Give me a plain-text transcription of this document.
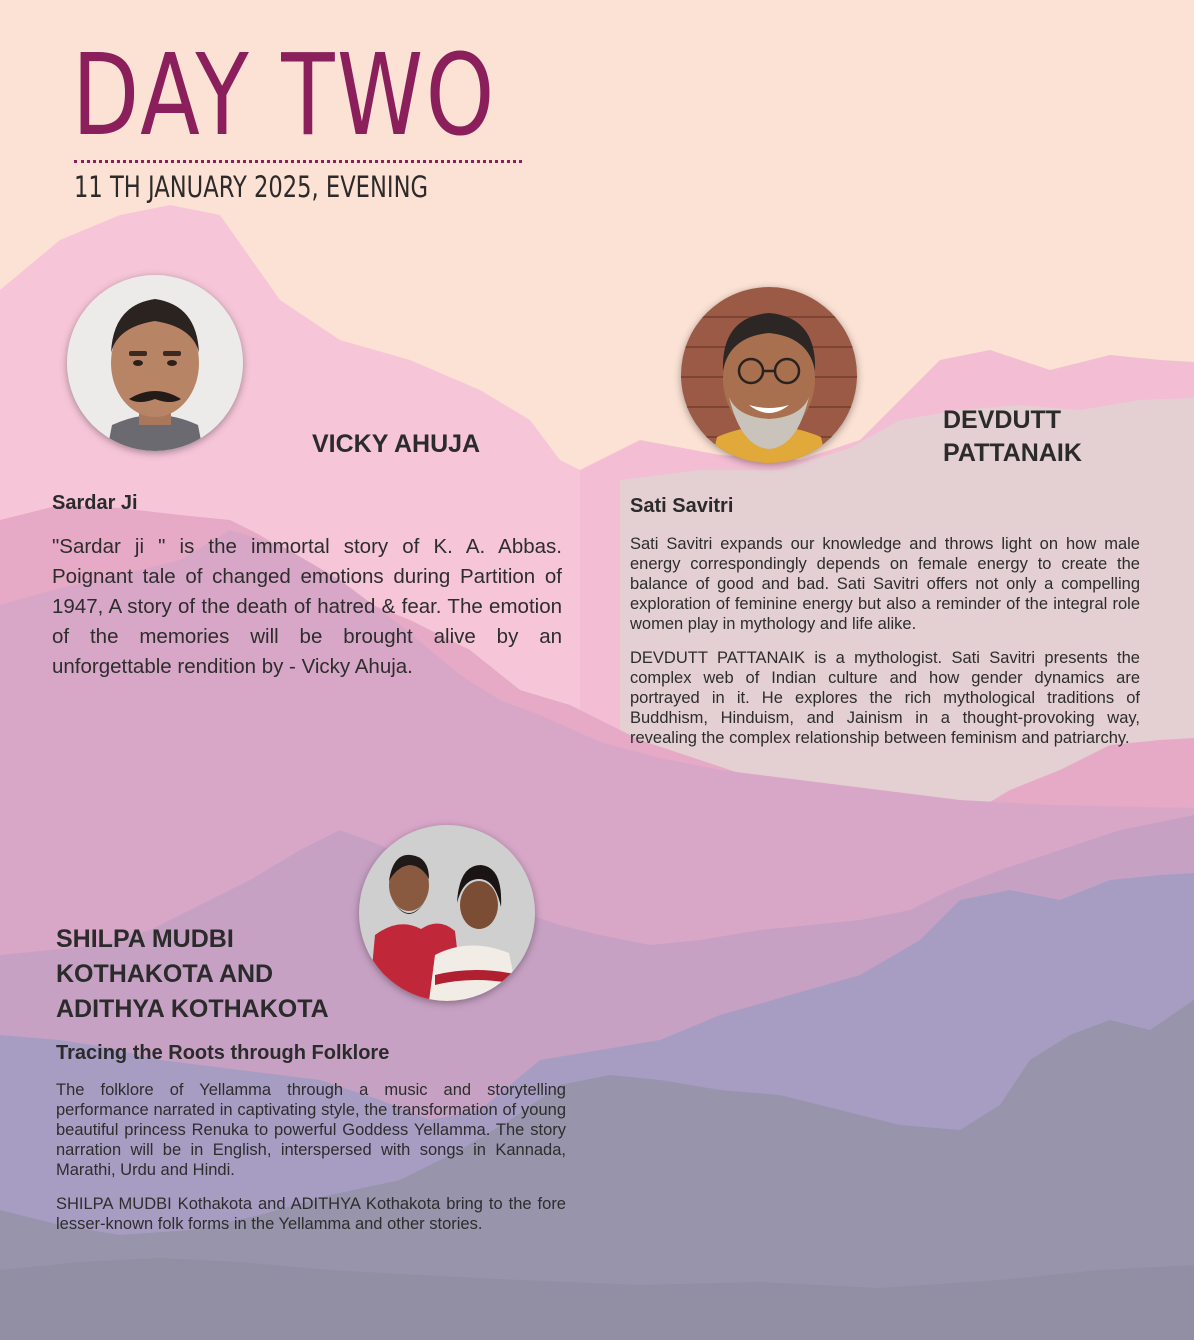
DAY TWO
11 TH JANUARY 2025, EVENING
VICKY AHUJA
Sardar Ji

"Sardar ji " is the immortal story of K. A. Abbas. Poignant tale of changed emotions during Partition of 1947, A story of the death of hatred & fear. The emotion of the memories will be brought alive by an unforgettable rendition by - Vicky Ahuja.

DEVDUTT
PATTANAIK
Sati Savitri

Sati Savitri expands our knowledge and throws light on how male energy correspondingly depends on female energy to create the balance of good and bad. Sati Savitri offers not only a compelling exploration of feminine energy but also a reminder of the integral role women play in mythology and life alike.

DEVDUTT PATTANAIK is a mythologist. Sati Savitri presents the complex web of Indian culture and how gender dynamics are portrayed in it. He explores the rich mythological traditions of Buddhism, Hinduism, and Jainism in a thought-provoking way, revealing the complex relationship between feminism and patriarchy.

SHILPA MUDBI
KOTHAKOTA AND
ADITHYA KOTHAKOTA
Tracing the Roots through Folklore

The folklore of Yellamma through a music and storytelling performance narrated in captivating style, the transformation of young beautiful princess Renuka to powerful Goddess Yellamma. The story narration will be in English, interspersed with songs in Kannada, Marathi, Urdu and Hindi.

SHILPA MUDBI Kothakota and ADITHYA Kothakota bring to the fore lesser-known folk forms in the Yellamma and other stories.
